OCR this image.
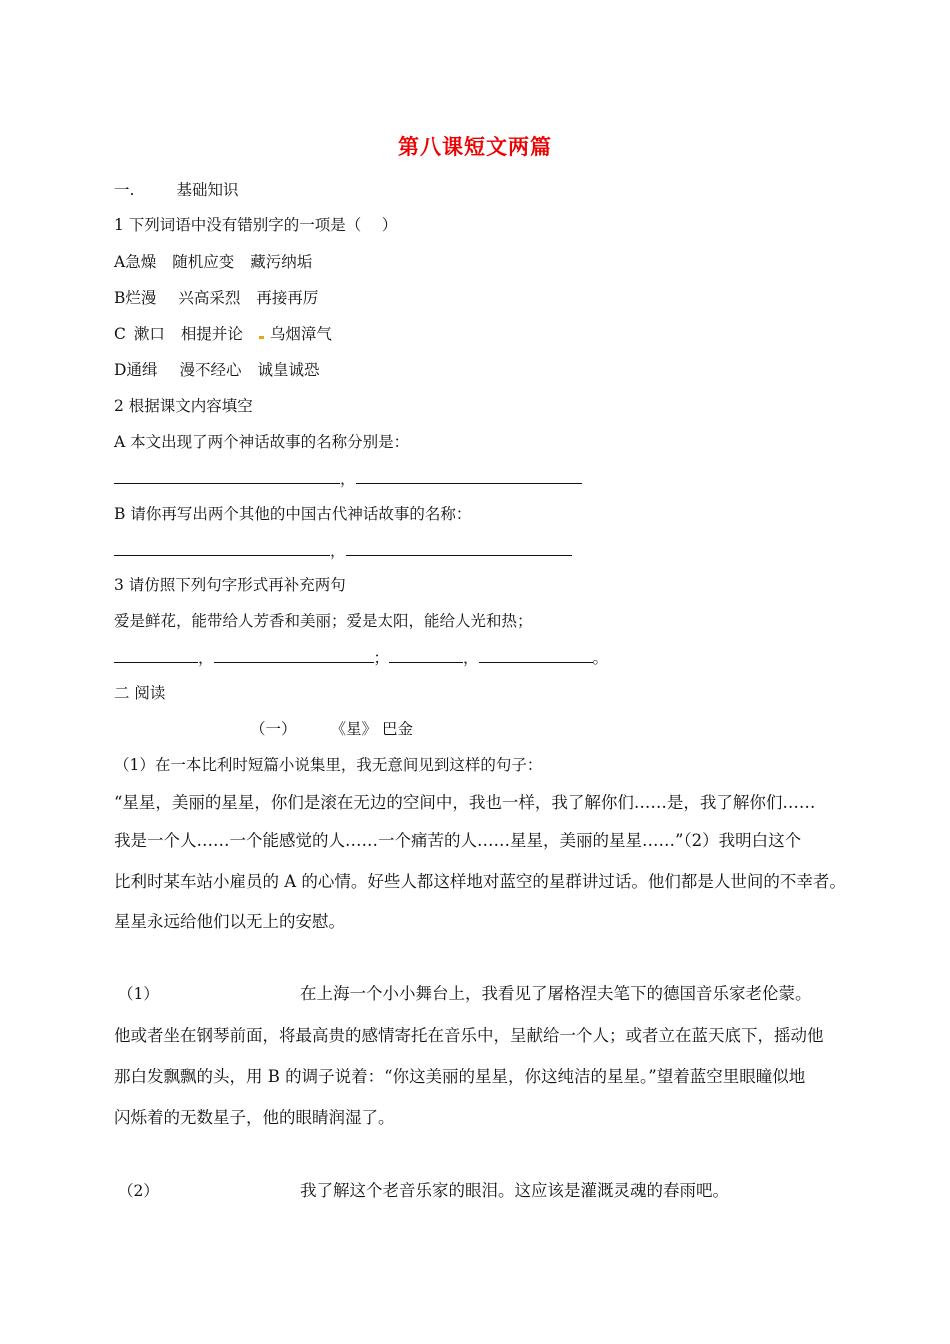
第八课短文两篇
一.	基础知识
1 下列词语中没有错别字的一项是（　 ）
A急燥 随机应变 藏污纳垢
B烂漫 兴高采烈 再接再厉
C 漱口 相提并论 乌烟漳气
D通缉 漫不经心 诚皇诚恐
2 根据课文内容填空
A 本文出现了两个神话故事的名称分别是：
，
B 请你再写出两个其他的中国古代神话故事的名称：
，
3 请仿照下列句字形式再补充两句
爱是鲜花，能带给人芳香和美丽；爱是太阳，能给人光和热；
，	；	，	。
二 阅读
（一） 《星》 巴金
（1）在一本比利时短篇小说集里，我无意间见到这样的句子：
“星星，美丽的星星，你们是滚在无边的空间中，我也一样，我了解你们……是，我了解你们……
我是一个人……一个能感觉的人……一个痛苦的人……星星，美丽的星星……”（2）我明白这个
比利时某车站小雇员的 A 的心情。好些人都这样地对蓝空的星群讲过话。他们都是人世间的不幸者。
星星永远给他们以无上的安慰。
（1）	在上海一个小小舞台上，我看见了屠格涅夫笔下的德国音乐家老伦蒙。
他或者坐在钢琴前面，将最高贵的感情寄托在音乐中，呈献给一个人；或者立在蓝天底下，摇动他
那白发飘飘的头，用 B 的调子说着：“你这美丽的星星，你这纯洁的星星。”望着蓝空里眼瞳似地
闪烁着的无数星子，他的眼睛润湿了。
（2）	我了解这个老音乐家的眼泪。这应该是灌溉灵魂的春雨吧。
